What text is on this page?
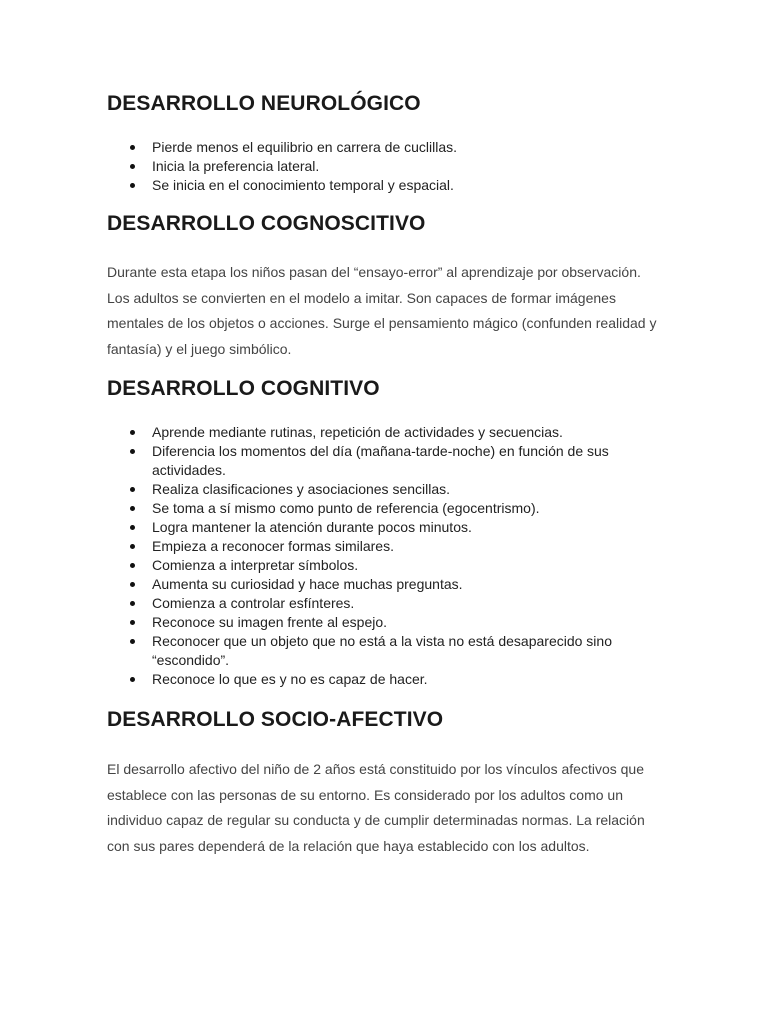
DESARROLLO NEUROLÓGICO
Pierde menos el equilibrio en carrera de cuclillas.
Inicia la preferencia lateral.
Se inicia en el conocimiento temporal y espacial.
DESARROLLO COGNOSCITIVO

Durante esta etapa los niños pasan del “ensayo-error” al aprendizaje por observación. Los adultos se convierten en el modelo a imitar. Son capaces de formar imágenes mentales de los objetos o acciones. Surge el pensamiento mágico (confunden realidad y fantasía) y el juego simbólico.

DESARROLLO COGNITIVO
Aprende mediante rutinas, repetición de actividades y secuencias.
Diferencia los momentos del día (mañana-tarde-noche) en función de sus actividades.
Realiza clasificaciones y asociaciones sencillas.
Se toma a sí mismo como punto de referencia (egocentrismo).
Logra mantener la atención durante pocos minutos.
Empieza a reconocer formas similares.
Comienza a interpretar símbolos.
Aumenta su curiosidad y hace muchas preguntas.
Comienza a controlar esfínteres.
Reconoce su imagen frente al espejo.
Reconocer que un objeto que no está a la vista no está desaparecido sino “escondido”.
Reconoce lo que es y no es capaz de hacer.
DESARROLLO SOCIO-AFECTIVO

El desarrollo afectivo del niño de 2 años está constituido por los vínculos afectivos que establece con las personas de su entorno. Es considerado por los adultos como un individuo capaz de regular su conducta y de cumplir determinadas normas. La relación con sus pares dependerá de la relación que haya establecido con los adultos.
